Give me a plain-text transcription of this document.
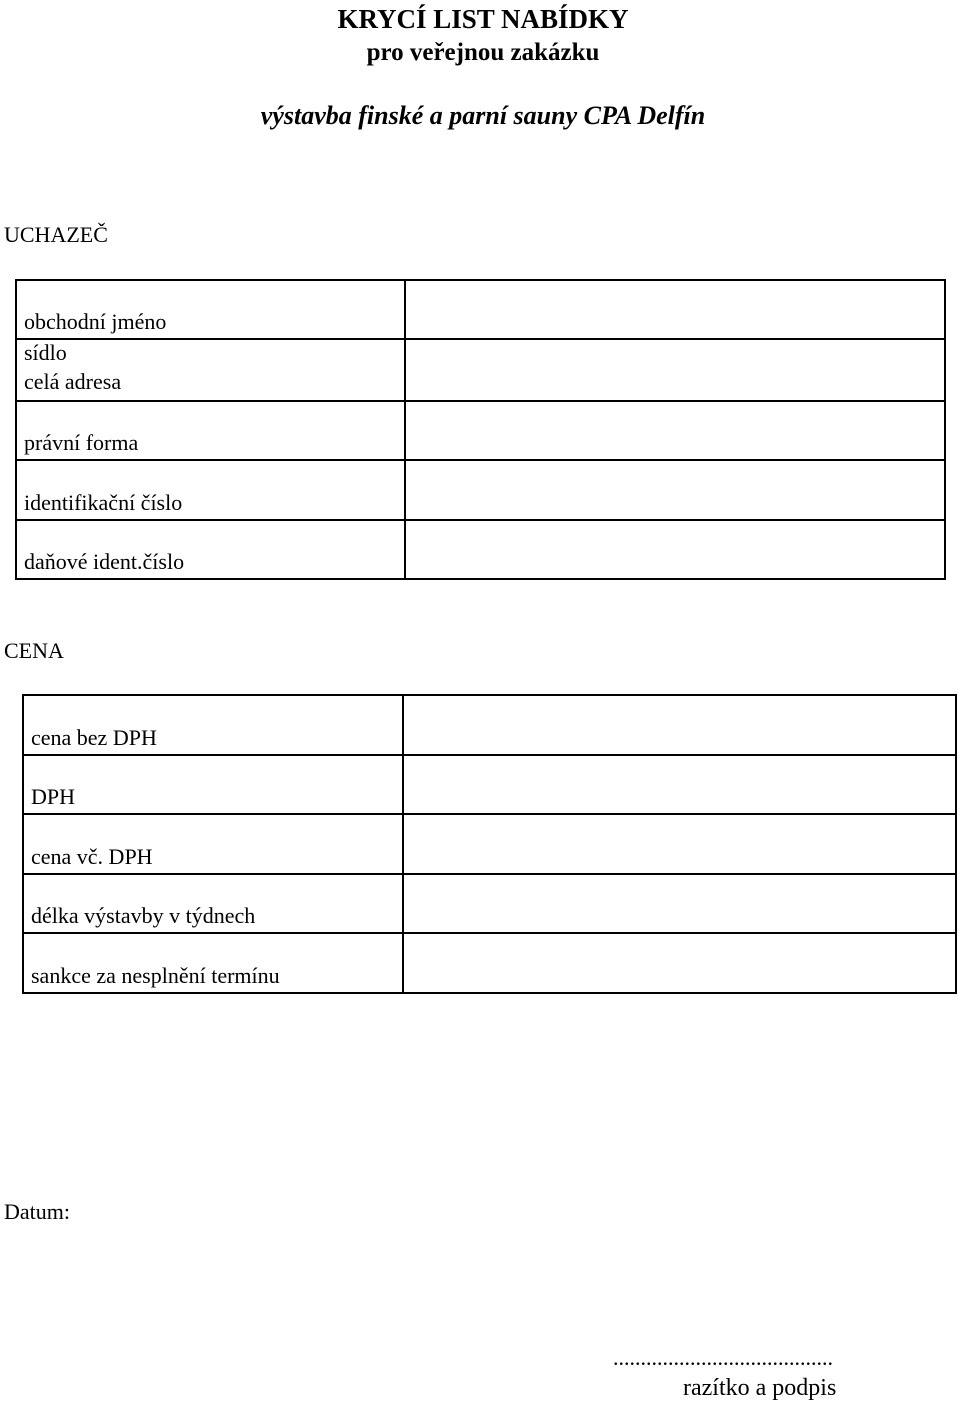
KRYCÍ LIST NABÍDKY
pro veřejnou zakázku
výstavba finské a parní sauny CPA Delfín
UCHAZEČ
obchodní jméno	

sídlo
celá adresa	

právní forma	
identifikační číslo	
daňové ident.číslo	
CENA
cena bez DPH	
DPH	
cena vč. DPH	
délka výstavby v týdnech	
sankce za nesplnění termínu	
Datum:
........................................
razítko a podpis
